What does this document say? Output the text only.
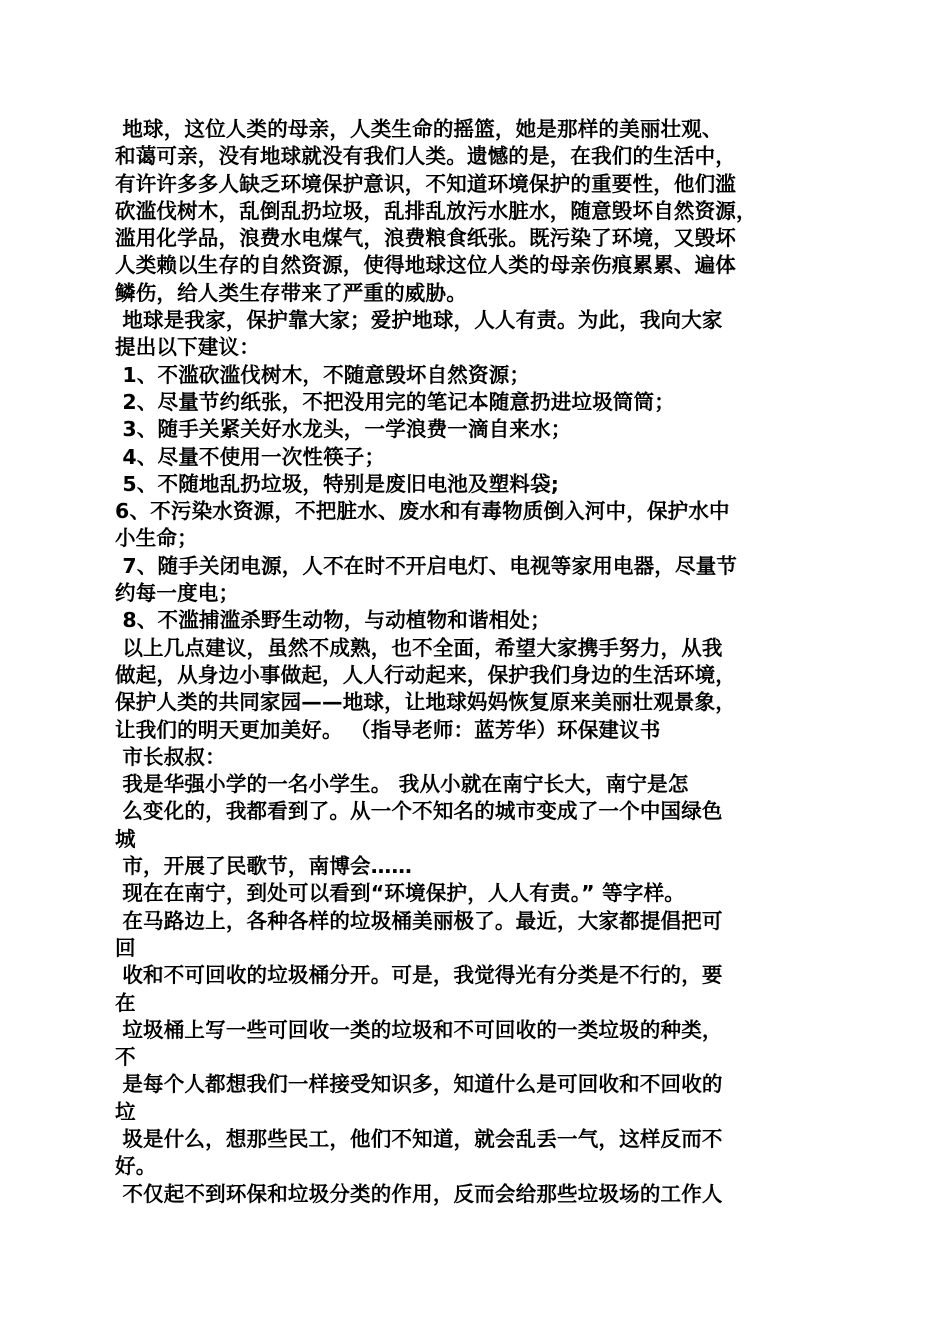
地球，这位人类的母亲，人类生命的摇篮，她是那样的美丽壮观、
和蔼可亲，没有地球就没有我们人类。遗憾的是，在我们的生活中，
有许许多多人缺乏环境保护意识，不知道环境保护的重要性，他们滥
砍滥伐树木，乱倒乱扔垃圾，乱排乱放污水脏水，随意毁坏自然资源，
滥用化学品，浪费水电煤气，浪费粮食纸张。既污染了环境，又毁坏
人类赖以生存的自然资源，使得地球这位人类的母亲伤痕累累、遍体
鳞伤，给人类生存带来了严重的威胁。
地球是我家，保护靠大家；爱护地球，人人有责。为此，我向大家
提出以下建议：
1、不滥砍滥伐树木，不随意毁坏自然资源；
2、尽量节约纸张，不把没用完的笔记本随意扔进垃圾筒筒；
3、随手关紧关好水龙头，一学浪费一滴自来水；
4、尽量不使用一次性筷子；
5、不随地乱扔垃圾，特别是废旧电池及塑料袋;
6、不污染水资源，不把脏水、废水和有毒物质倒入河中，保护水中
小生命；
7、随手关闭电源，人不在时不开启电灯、电视等家用电器，尽量节
约每一度电；
8、不滥捕滥杀野生动物，与动植物和谐相处；
以上几点建议，虽然不成熟，也不全面，希望大家携手努力，从我
做起，从身边小事做起，人人行动起来，保护我们身边的生活环境，
保护人类的共同家园——地球，让地球妈妈恢复原来美丽壮观景象，
让我们的明天更加美好。 （指导老师：蓝芳华）环保建议书
市长叔叔：
我是华强小学的一名小学生。 我从小就在南宁长大，南宁是怎
么变化的，我都看到了。从一个不知名的城市变成了一个中国绿色
城
市，开展了民歌节，南博会……
现在在南宁，到处可以看到“环境保护，人人有责。” 等字样。
在马路边上，各种各样的垃圾桶美丽极了。最近，大家都提倡把可
回
收和不可回收的垃圾桶分开。可是，我觉得光有分类是不行的，要
在
垃圾桶上写一些可回收一类的垃圾和不可回收的一类垃圾的种类，
不
是每个人都想我们一样接受知识多，知道什么是可回收和不回收的
垃
圾是什么，想那些民工，他们不知道，就会乱丢一气，这样反而不
好。
不仅起不到环保和垃圾分类的作用，反而会给那些垃圾场的工作人
